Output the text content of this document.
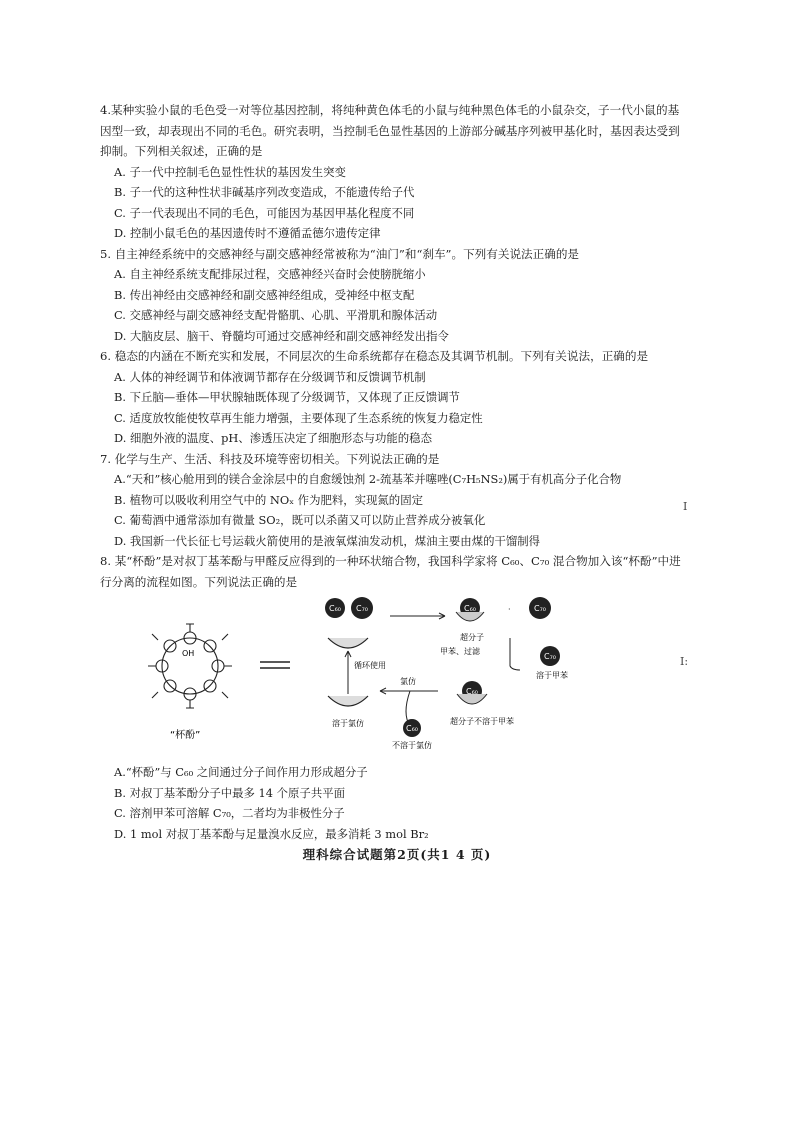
4.某种实验小鼠的毛色受一对等位基因控制，将纯种黄色体毛的小鼠与纯种黑色体毛的小鼠杂交，子一代小鼠的基因型一致，却表现出不同的毛色。研究表明，当控制毛色显性基因的上游部分碱基序列被甲基化时，基因表达受到抑制。下列相关叙述，正确的是
A. 子一代中控制毛色显性性状的基因发生突变
B. 子一代的这种性状非碱基序列改变造成，不能遗传给子代
C. 子一代表现出不同的毛色，可能因为基因甲基化程度不同
D. 控制小鼠毛色的基因遗传时不遵循孟德尔遗传定律
5. 自主神经系统中的交感神经与副交感神经常被称为“油门”和“刹车”。下列有关说法正确的是
A. 自主神经系统支配排尿过程，交感神经兴奋时会使膀胱缩小
B. 传出神经由交感神经和副交感神经组成，受神经中枢支配
C. 交感神经与副交感神经支配骨骼肌、心肌、平滑肌和腺体活动
D. 大脑皮层、脑干、脊髓均可通过交感神经和副交感神经发出指令
6. 稳态的内涵在不断充实和发展，不同层次的生命系统都存在稳态及其调节机制。下列有关说法，正确的是
A. 人体的神经调节和体液调节都存在分级调节和反馈调节机制
B. 下丘脑—垂体—甲状腺轴既体现了分级调节，又体现了正反馈调节
C. 适度放牧能使牧草再生能力增强，主要体现了生态系统的恢复力稳定性
D. 细胞外液的温度、pH、渗透压决定了细胞形态与功能的稳态
7. 化学与生产、生活、科技及环境等密切相关。下列说法正确的是
A.“天和”核心舱用到的镁合金涂层中的自愈缓蚀剂 2-巯基苯并噻唑(C₇H₅NS₂)属于有机高分子化合物
B. 植物可以吸收利用空气中的 NOₓ 作为肥料，实现氮的固定
C. 葡萄酒中通常添加有微量 SO₂，既可以杀菌又可以防止营养成分被氧化
D. 我国新一代长征七号运载火箭使用的是液氧煤油发动机，煤油主要由煤的干馏制得
8. 某“杯酚”是对叔丁基苯酚与甲醛反应得到的一种环状缩合物，我国科学家将 C₆₀、C₇₀ 混合物加入该“杯酚”中进行分离的流程如图。下列说法正确的是
OH
“杯酚”
C₆₀ C₇₀	C₆₀
超分子
·	C₇₀
甲苯、过滤
C₇₀
溶于甲苯
循环使用
溶于氯仿
氯仿
C₆₀
不溶于氯仿
C₆₀
超分子不溶于甲苯
A.“杯酚”与 C₆₀ 之间通过分子间作用力形成超分子
B. 对叔丁基苯酚分子中最多 14 个原子共平面
C. 溶剂甲苯可溶解 C₇₀，二者均为非极性分子
D. 1 mol 对叔丁基苯酚与足量溴水反应，最多消耗 3 mol Br₂
I
I:
理科综合试题第2页(共1 4 页)
